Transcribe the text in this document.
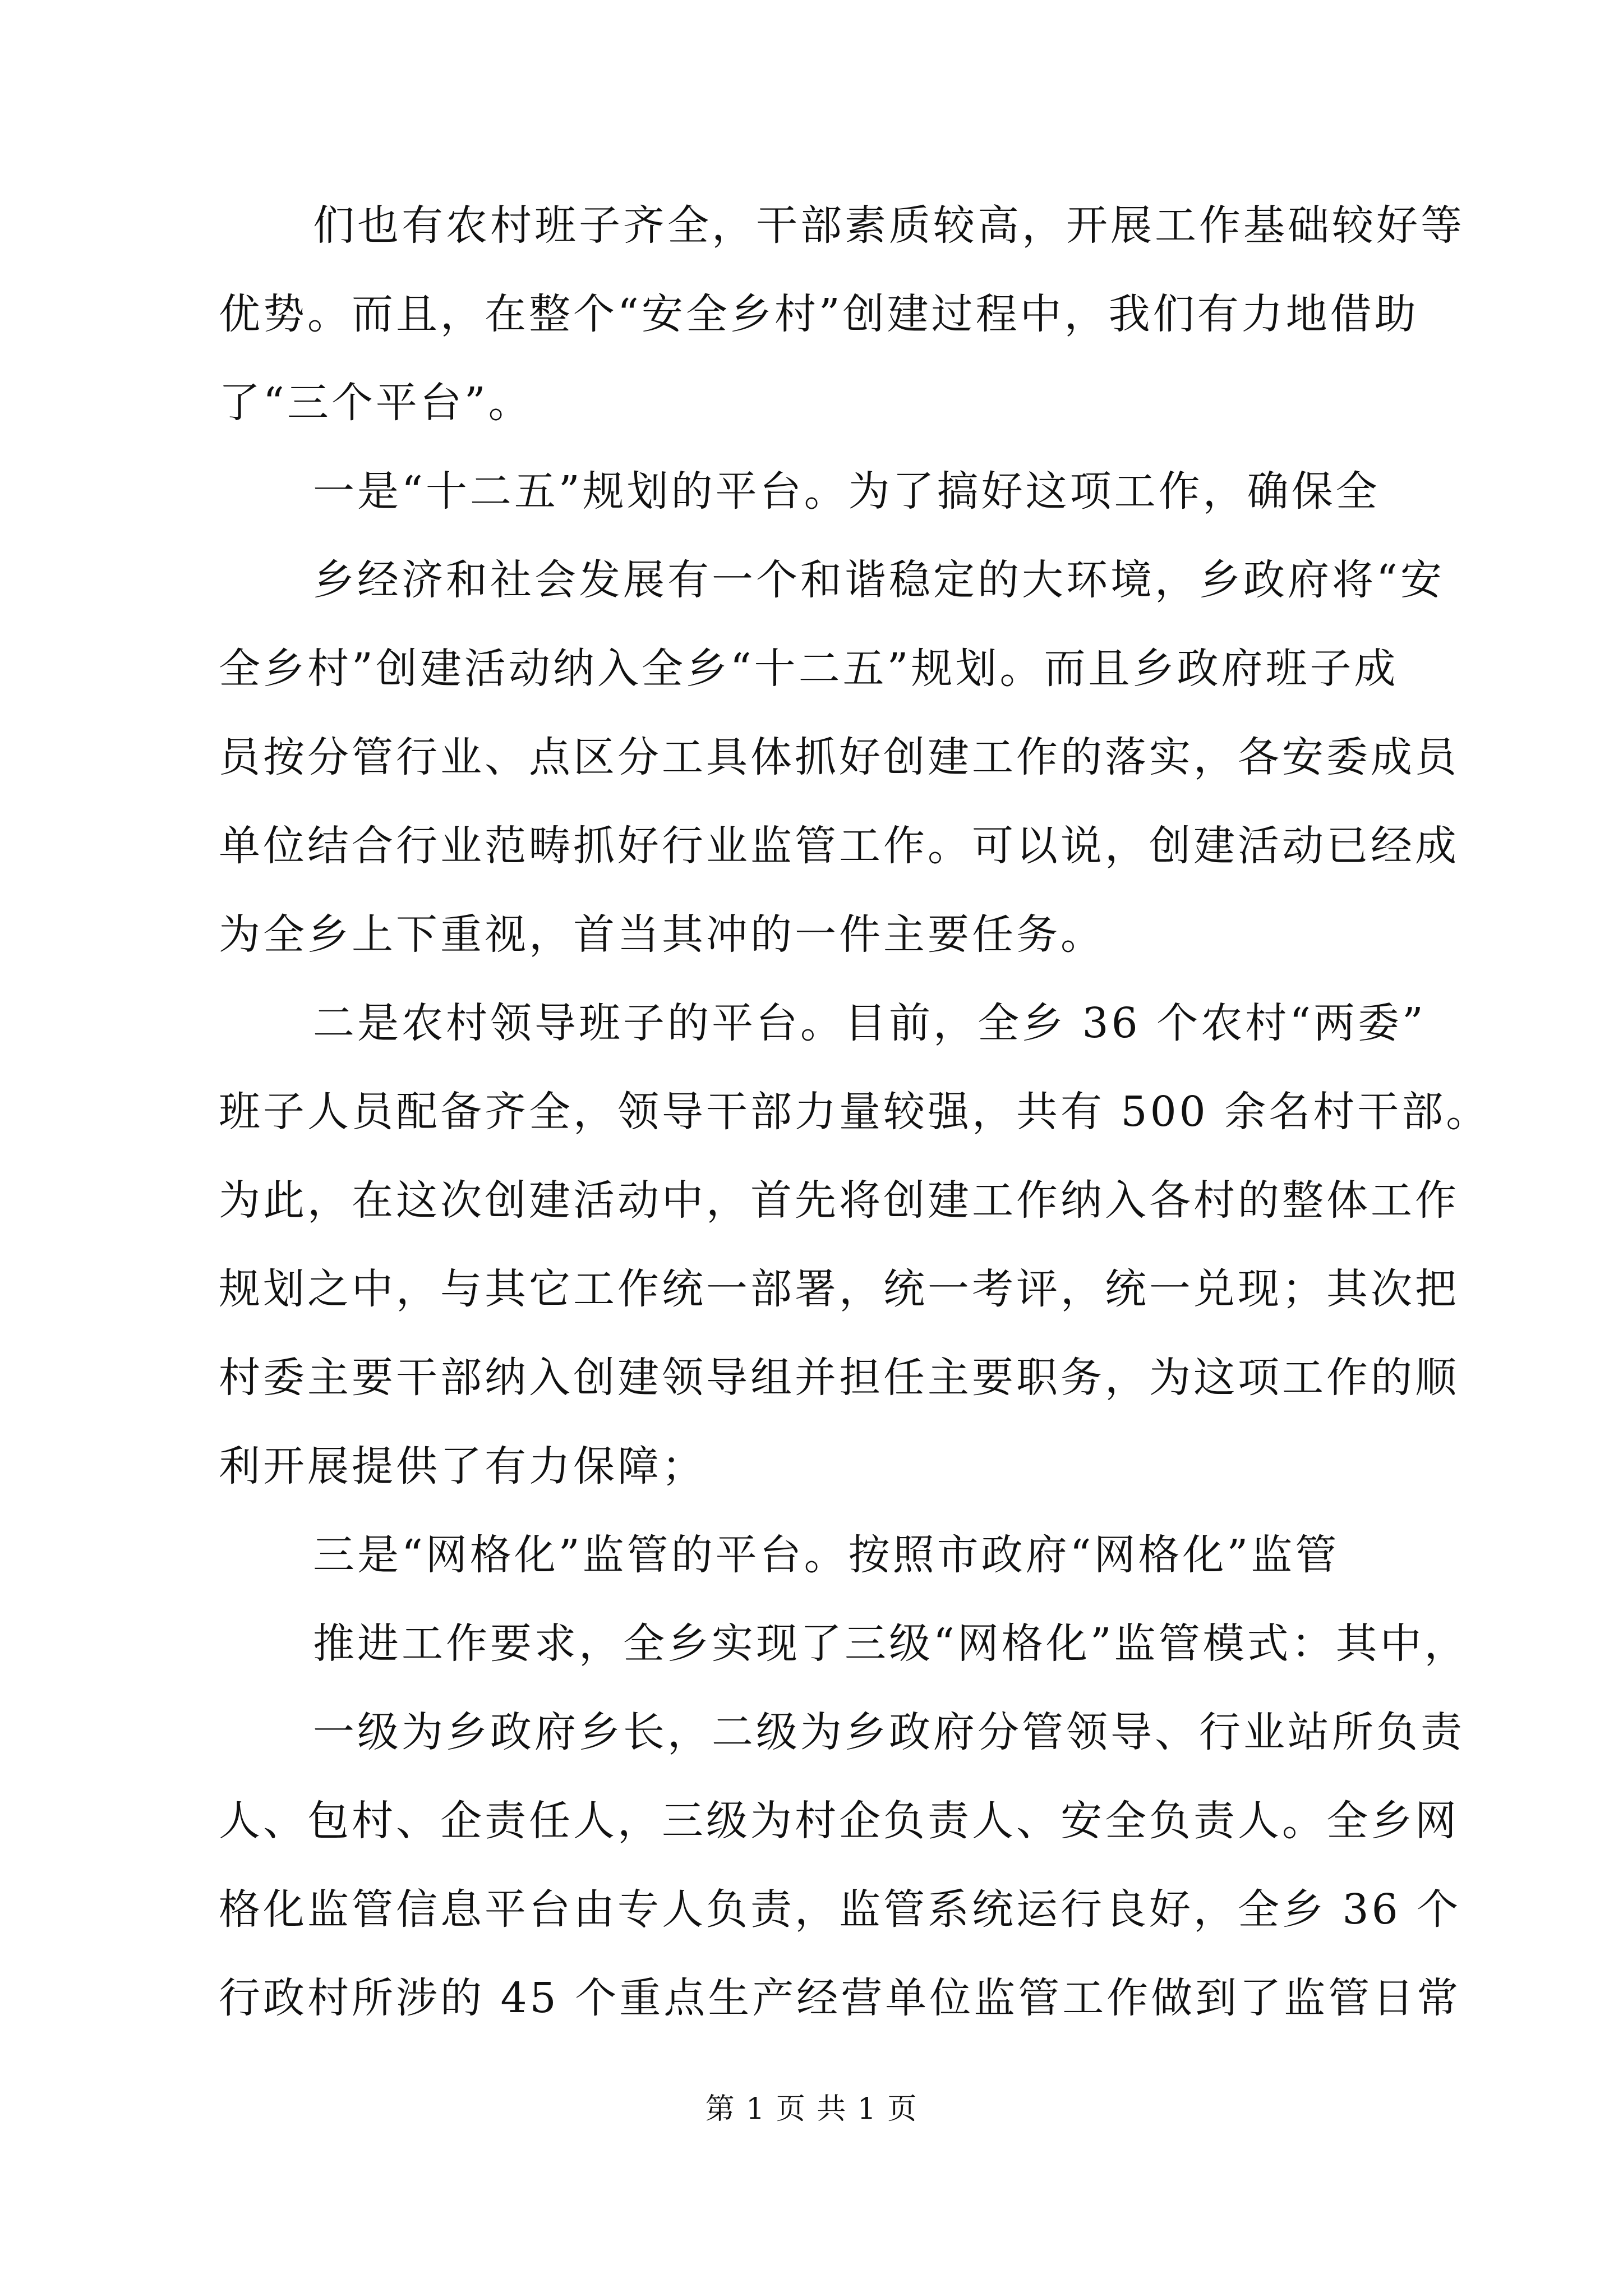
们也有农村班子齐全，干部素质较高，开展工作基础较好等
优势。而且，在整个“安全乡村”创建过程中，我们有力地借助
了“三个平台”。
一是“十二五”规划的平台。为了搞好这项工作，确保全
乡经济和社会发展有一个和谐稳定的大环境，乡政府将“安
全乡村”创建活动纳入全乡“十二五”规划。而且乡政府班子成
员按分管行业、点区分工具体抓好创建工作的落实，各安委成员
单位结合行业范畴抓好行业监管工作。可以说，创建活动已经成
为全乡上下重视，首当其冲的一件主要任务。
二是农村领导班子的平台。目前，全乡 36 个农村“两委”
班子人员配备齐全，领导干部力量较强，共有 500 余名村干部。
为此，在这次创建活动中，首先将创建工作纳入各村的整体工作
规划之中，与其它工作统一部署，统一考评，统一兑现；其次把
村委主要干部纳入创建领导组并担任主要职务，为这项工作的顺
利开展提供了有力保障；
三是“网格化”监管的平台。按照市政府“网格化”监管
推进工作要求，全乡实现了三级“网格化”监管模式：其中，
一级为乡政府乡长，二级为乡政府分管领导、行业站所负责
人、包村、企责任人，三级为村企负责人、安全负责人。全乡网
格化监管信息平台由专人负责，监管系统运行良好，全乡 36 个
行政村所涉的 45 个重点生产经营单位监管工作做到了监管日常
第 1 页 共 1 页
